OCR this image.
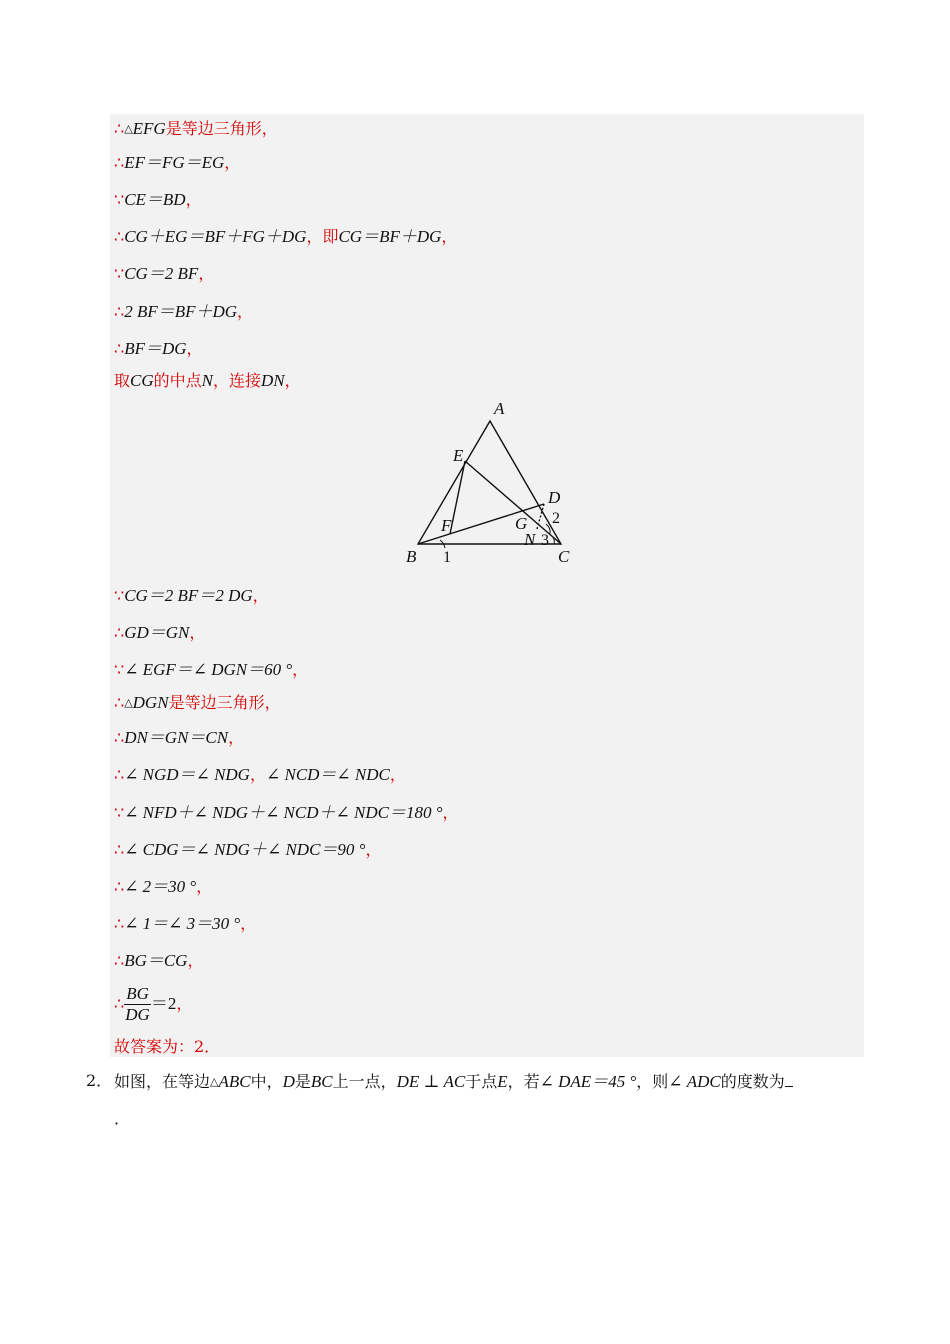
∴△EFG是等边三角形，
∴EF＝FG＝EG，
∵CE＝BD，
∴CG＋EG＝BF＋FG＋DG，即CG＝BF＋DG，
∵CG＝2 BF，
∴2 BF＝BF＋DG，
∴BF＝DG，
取CG的中点N，连接DN，
A
B	C
D
E
F	G
N 3
2
1
∵CG＝2 BF＝2 DG，
∴GD＝GN，
∵∠ EGF＝∠ DGN＝60 °，
∴△DGN是等边三角形，
∴DN＝GN＝CN，
∴∠ NGD＝∠ NDG，∠ NCD＝∠ NDC，
∵∠ NFD＋∠ NDG＋∠ NCD＋∠ NDC＝180 °，
∴∠ CDG＝∠ NDG＋∠ NDC＝90 °，
∴∠ 2＝30 °，
∴∠ 1＝∠ 3＝30 °，
∴BG＝CG，
∴ $\frac{BG}{DG} =2$，
故答案为：2．
2． 如图，在等边△ABC中，D是BC上一点，DE ⊥ AC于点E，若∠ DAE＝45 °，则∠ ADC的度数为
．
